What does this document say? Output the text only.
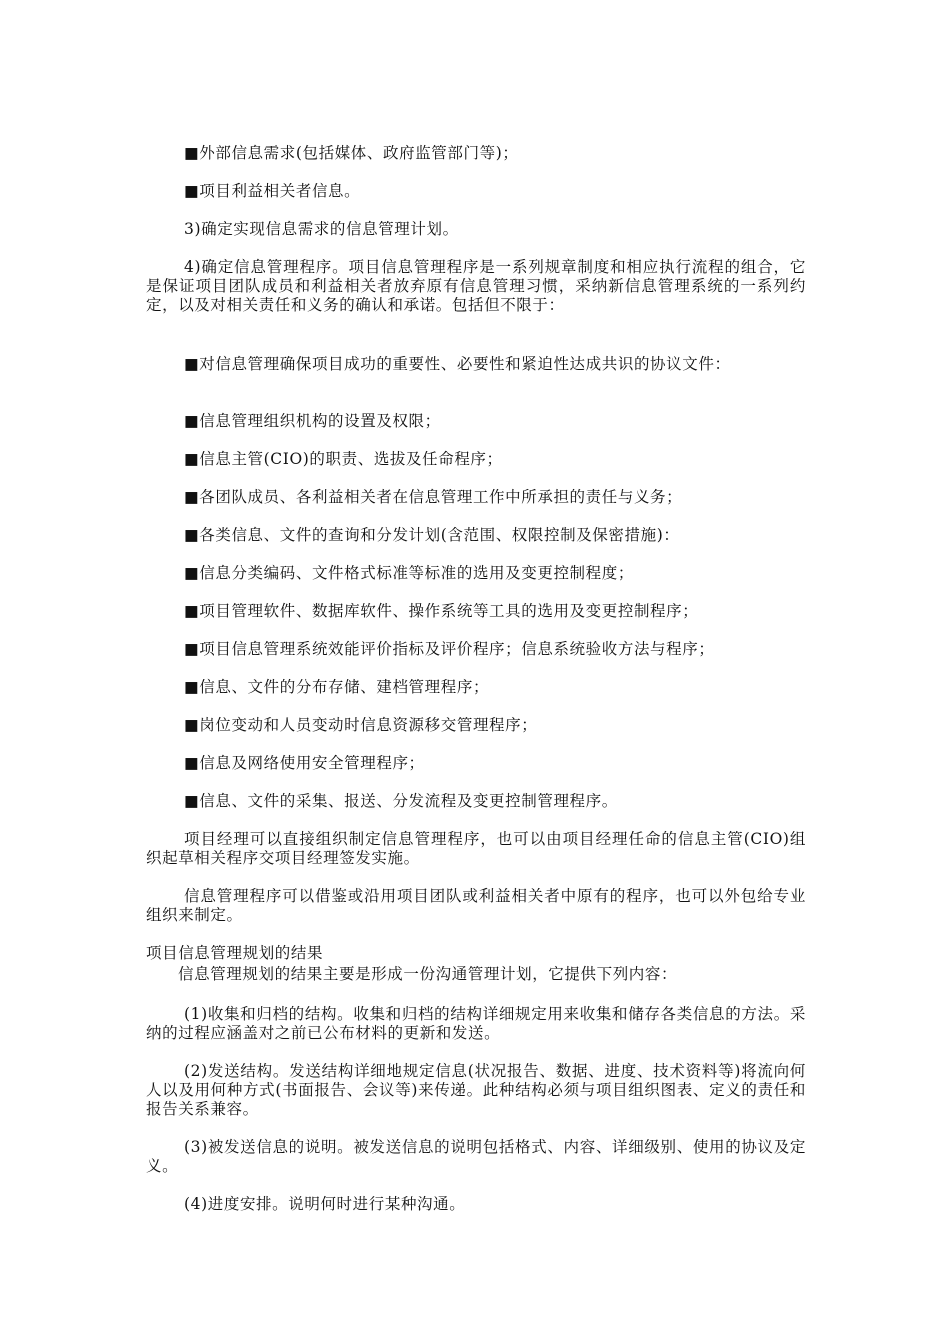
■外部信息需求(包括媒体、政府监管部门等)；

■项目利益相关者信息。

3)确定实现信息需求的信息管理计划。

4)确定信息管理程序。项目信息管理程序是一系列规章制度和相应执行流程的组合，它是保证项目团队成员和利益相关者放弃原有信息管理习惯，采纳新信息管理系统的一系列约定，以及对相关责任和义务的确认和承诺。包括但不限于：

■对信息管理确保项目成功的重要性、必要性和紧迫性达成共识的协议文件：

■信息管理组织机构的设置及权限；

■信息主管(CIO)的职责、选拔及任命程序；

■各团队成员、各利益相关者在信息管理工作中所承担的责任与义务；

■各类信息、文件的查询和分发计划(含范围、权限控制及保密措施)：

■信息分类编码、文件格式标准等标准的选用及变更控制程度；

■项目管理软件、数据库软件、操作系统等工具的选用及变更控制程序；

■项目信息管理系统效能评价指标及评价程序；信息系统验收方法与程序；

■信息、文件的分布存储、建档管理程序；

■岗位变动和人员变动时信息资源移交管理程序；

■信息及网络使用安全管理程序；

■信息、文件的采集、报送、分发流程及变更控制管理程序。

项目经理可以直接组织制定信息管理程序，也可以由项目经理任命的信息主管(CIO)组织起草相关程序交项目经理签发实施。

信息管理程序可以借鉴或沿用项目团队或利益相关者中原有的程序，也可以外包给专业组织来制定。

项目信息管理规划的结果

信息管理规划的结果主要是形成一份沟通管理计划，它提供下列内容：

(1)收集和归档的结构。收集和归档的结构详细规定用来收集和储存各类信息的方法。采纳的过程应涵盖对之前已公布材料的更新和发送。

(2)发送结构。发送结构详细地规定信息(状况报告、数据、进度、技术资料等)将流向何人以及用何种方式(书面报告、会议等)来传递。此种结构必须与项目组织图表、定义的责任和报告关系兼容。

(3)被发送信息的说明。被发送信息的说明包括格式、内容、详细级别、使用的协议及定义。

(4)进度安排。说明何时进行某种沟通。
